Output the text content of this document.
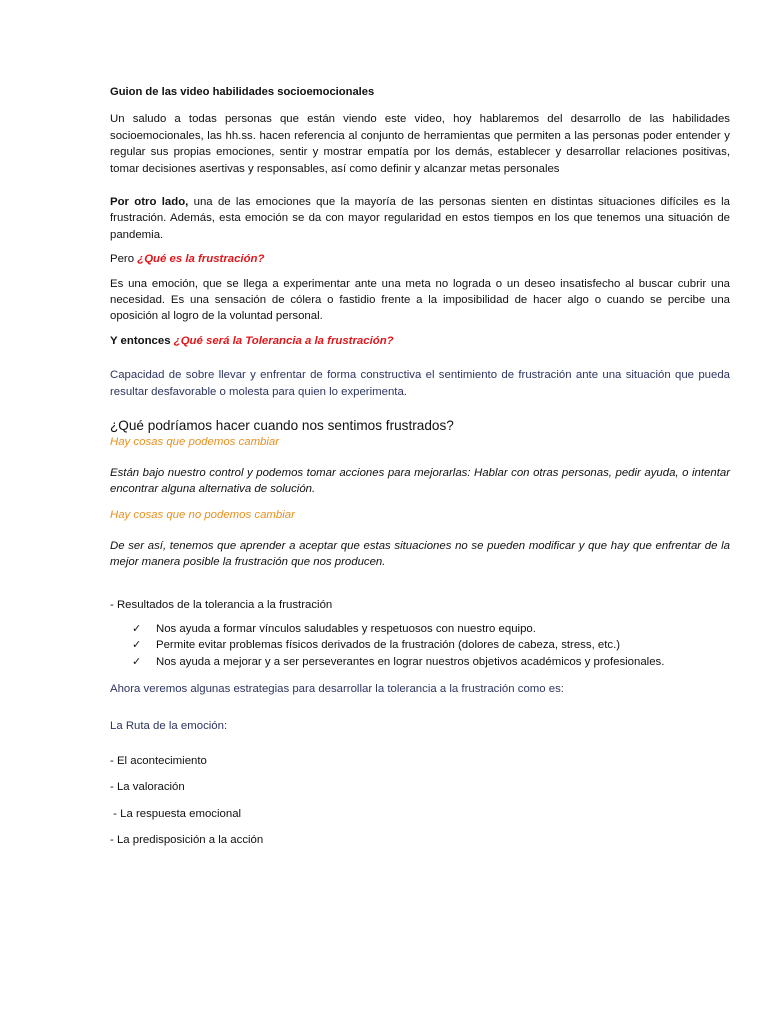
Guion de las video habilidades socioemocionales

Un saludo a todas personas que están viendo este video, hoy hablaremos del desarrollo de las habilidades socioemocionales, las hh.ss. hacen referencia al conjunto de herramientas que permiten a las personas poder entender y regular sus propias emociones, sentir y mostrar empatía por los demás, establecer y desarrollar relaciones positivas, tomar decisiones asertivas y responsables, así como definir y alcanzar metas personales

Por otro lado, una de las emociones que la mayoría de las personas sienten en distintas situaciones difíciles es la frustración. Además, esta emoción se da con mayor regularidad en estos tiempos en los que tenemos una situación de pandemia.

Pero ¿Qué es la frustración?

Es una emoción, que se llega a experimentar ante una meta no lograda o un deseo insatisfecho al buscar cubrir una necesidad. Es una sensación de cólera o fastidio frente a la imposibilidad de hacer algo o cuando se percibe una oposición al logro de la voluntad personal.

Y entonces ¿Qué será la Tolerancia a la frustración?

Capacidad de sobre llevar y enfrentar de forma constructiva el sentimiento de frustración ante una situación que pueda resultar desfavorable o molesta para quien lo experimenta.

¿Qué podríamos hacer cuando nos sentimos frustrados?

Hay cosas que podemos cambiar

Están bajo nuestro control y podemos tomar acciones para mejorarlas: Hablar con otras personas, pedir ayuda, o intentar encontrar alguna alternativa de solución.

Hay cosas que no podemos cambiar

De ser así, tenemos que aprender a aceptar que estas situaciones no se pueden modificar y que hay que enfrentar de la mejor manera posible la frustración que nos producen.

- Resultados de la tolerancia a la frustración

✓ Nos ayuda a formar vínculos saludables y respetuosos con nuestro equipo.
✓ Permite evitar problemas físicos derivados de la frustración (dolores de cabeza, stress, etc.)
✓ Nos ayuda a mejorar y a ser perseverantes en lograr nuestros objetivos académicos y profesionales.

Ahora veremos algunas estrategias para desarrollar la tolerancia a la frustración como es:

La Ruta de la emoción:

- El acontecimiento

- La valoración

- La respuesta emocional

- La predisposición a la acción
